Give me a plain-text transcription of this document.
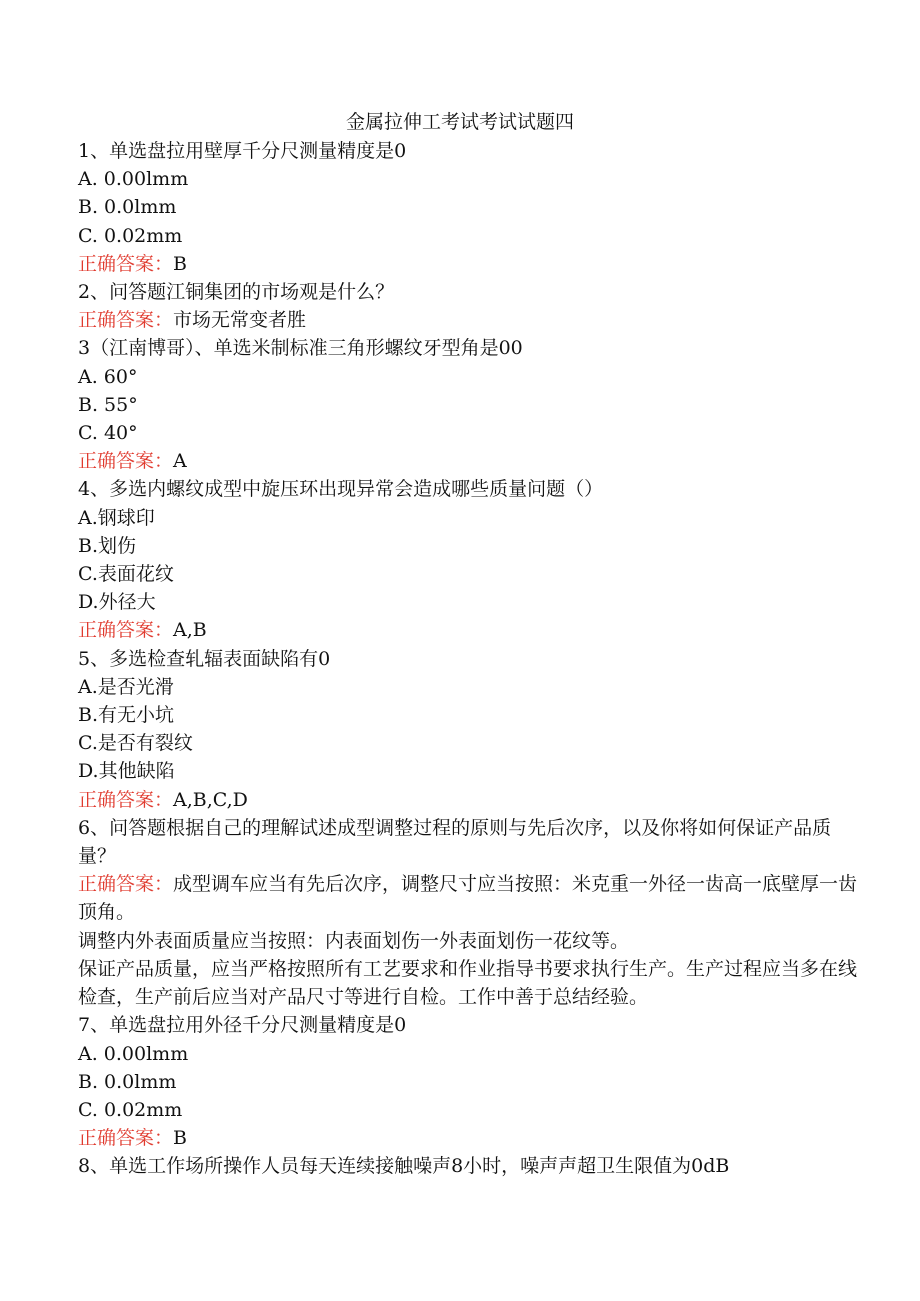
金属拉伸工考试考试试题四
1、单选盘拉用壁厚千分尺测量精度是0
A. 0.00lmm
B. 0.0lmm
C. 0.02mm
正确答案：B
2、问答题江铜集团的市场观是什么？
正确答案：市场无常变者胜
3（江南博哥）、单选米制标准三角形螺纹牙型角是00
A. 60°
B. 55°
C. 40°
正确答案：A
4、多选内螺纹成型中旋压环出现异常会造成哪些质量问题（）
A.钢球印
B.划伤
C.表面花纹
D.外径大
正确答案：A,B
5、多选检查轧辐表面缺陷有0
A.是否光滑
B.有无小坑
C.是否有裂纹
D.其他缺陷
正确答案：A,B,C,D
6、问答题根据自己的理解试述成型调整过程的原则与先后次序，以及你将如何保证产品质量？
正确答案：成型调车应当有先后次序，调整尺寸应当按照：米克重一外径一齿高一底壁厚一齿顶角。
调整内外表面质量应当按照：内表面划伤一外表面划伤一花纹等。
保证产品质量，应当严格按照所有工艺要求和作业指导书要求执行生产。生产过程应当多在线检查，生产前后应当对产品尺寸等进行自检。工作中善于总结经验。
7、单选盘拉用外径千分尺测量精度是0
A. 0.00lmm
B. 0.0lmm
C. 0.02mm
正确答案：B
8、单选工作场所操作人员每天连续接触噪声8小时，噪声声超卫生限值为0dB
